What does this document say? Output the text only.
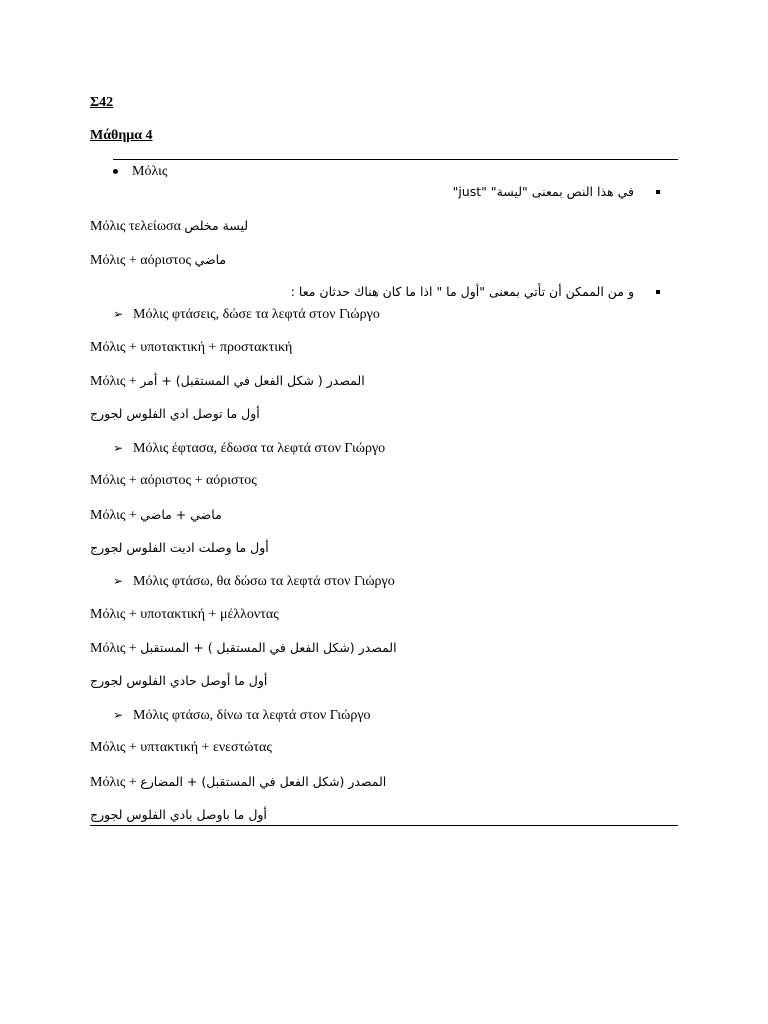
Σ42
Μάθημα 4
Μόλις
في هذا النص بمعنى "ليسة" "just"
Μόλις τελείωσα ليسة مخلص
Μόλις + αόριστος ماضي
و من الممكن أن تأتي بمعنى "أول ما " اذا ما كان هناك حدثان معا :
➢ Μόλις φτάσεις, δώσε τα λεφτά στον Γιώργο
Μόλις + υποτακτική + προστακτική
Μόλις + المصدر ( شكل الفعل في المستقبل) + أمر
أول ما توصل ادي الفلوس لجورج
➢ Μόλις έφτασα, έδωσα τα λεφτά στον Γιώργο
Μόλις + αόριστος + αόριστος
Μόλις + ماضي + ماضي
أول ما وصلت اديت الفلوس لجورج
➢ Μόλις φτάσω, θα δώσω τα λεφτά στον Γιώργο
Μόλις + υποτακτική + μέλλοντας
Μόλις + المصدر (شكل الفعل في المستقبل ) + المستقبل
أول ما أوصل حادي الفلوس لجورج
➢ Μόλις φτάσω, δίνω τα λεφτά στον Γιώργο
Μόλις + υπτακτική + ενεστώτας
Μόλις + المصدر (شكل الفعل في المستقبل) + المضارع
أول ما باوصل بادي الفلوس لجورج
